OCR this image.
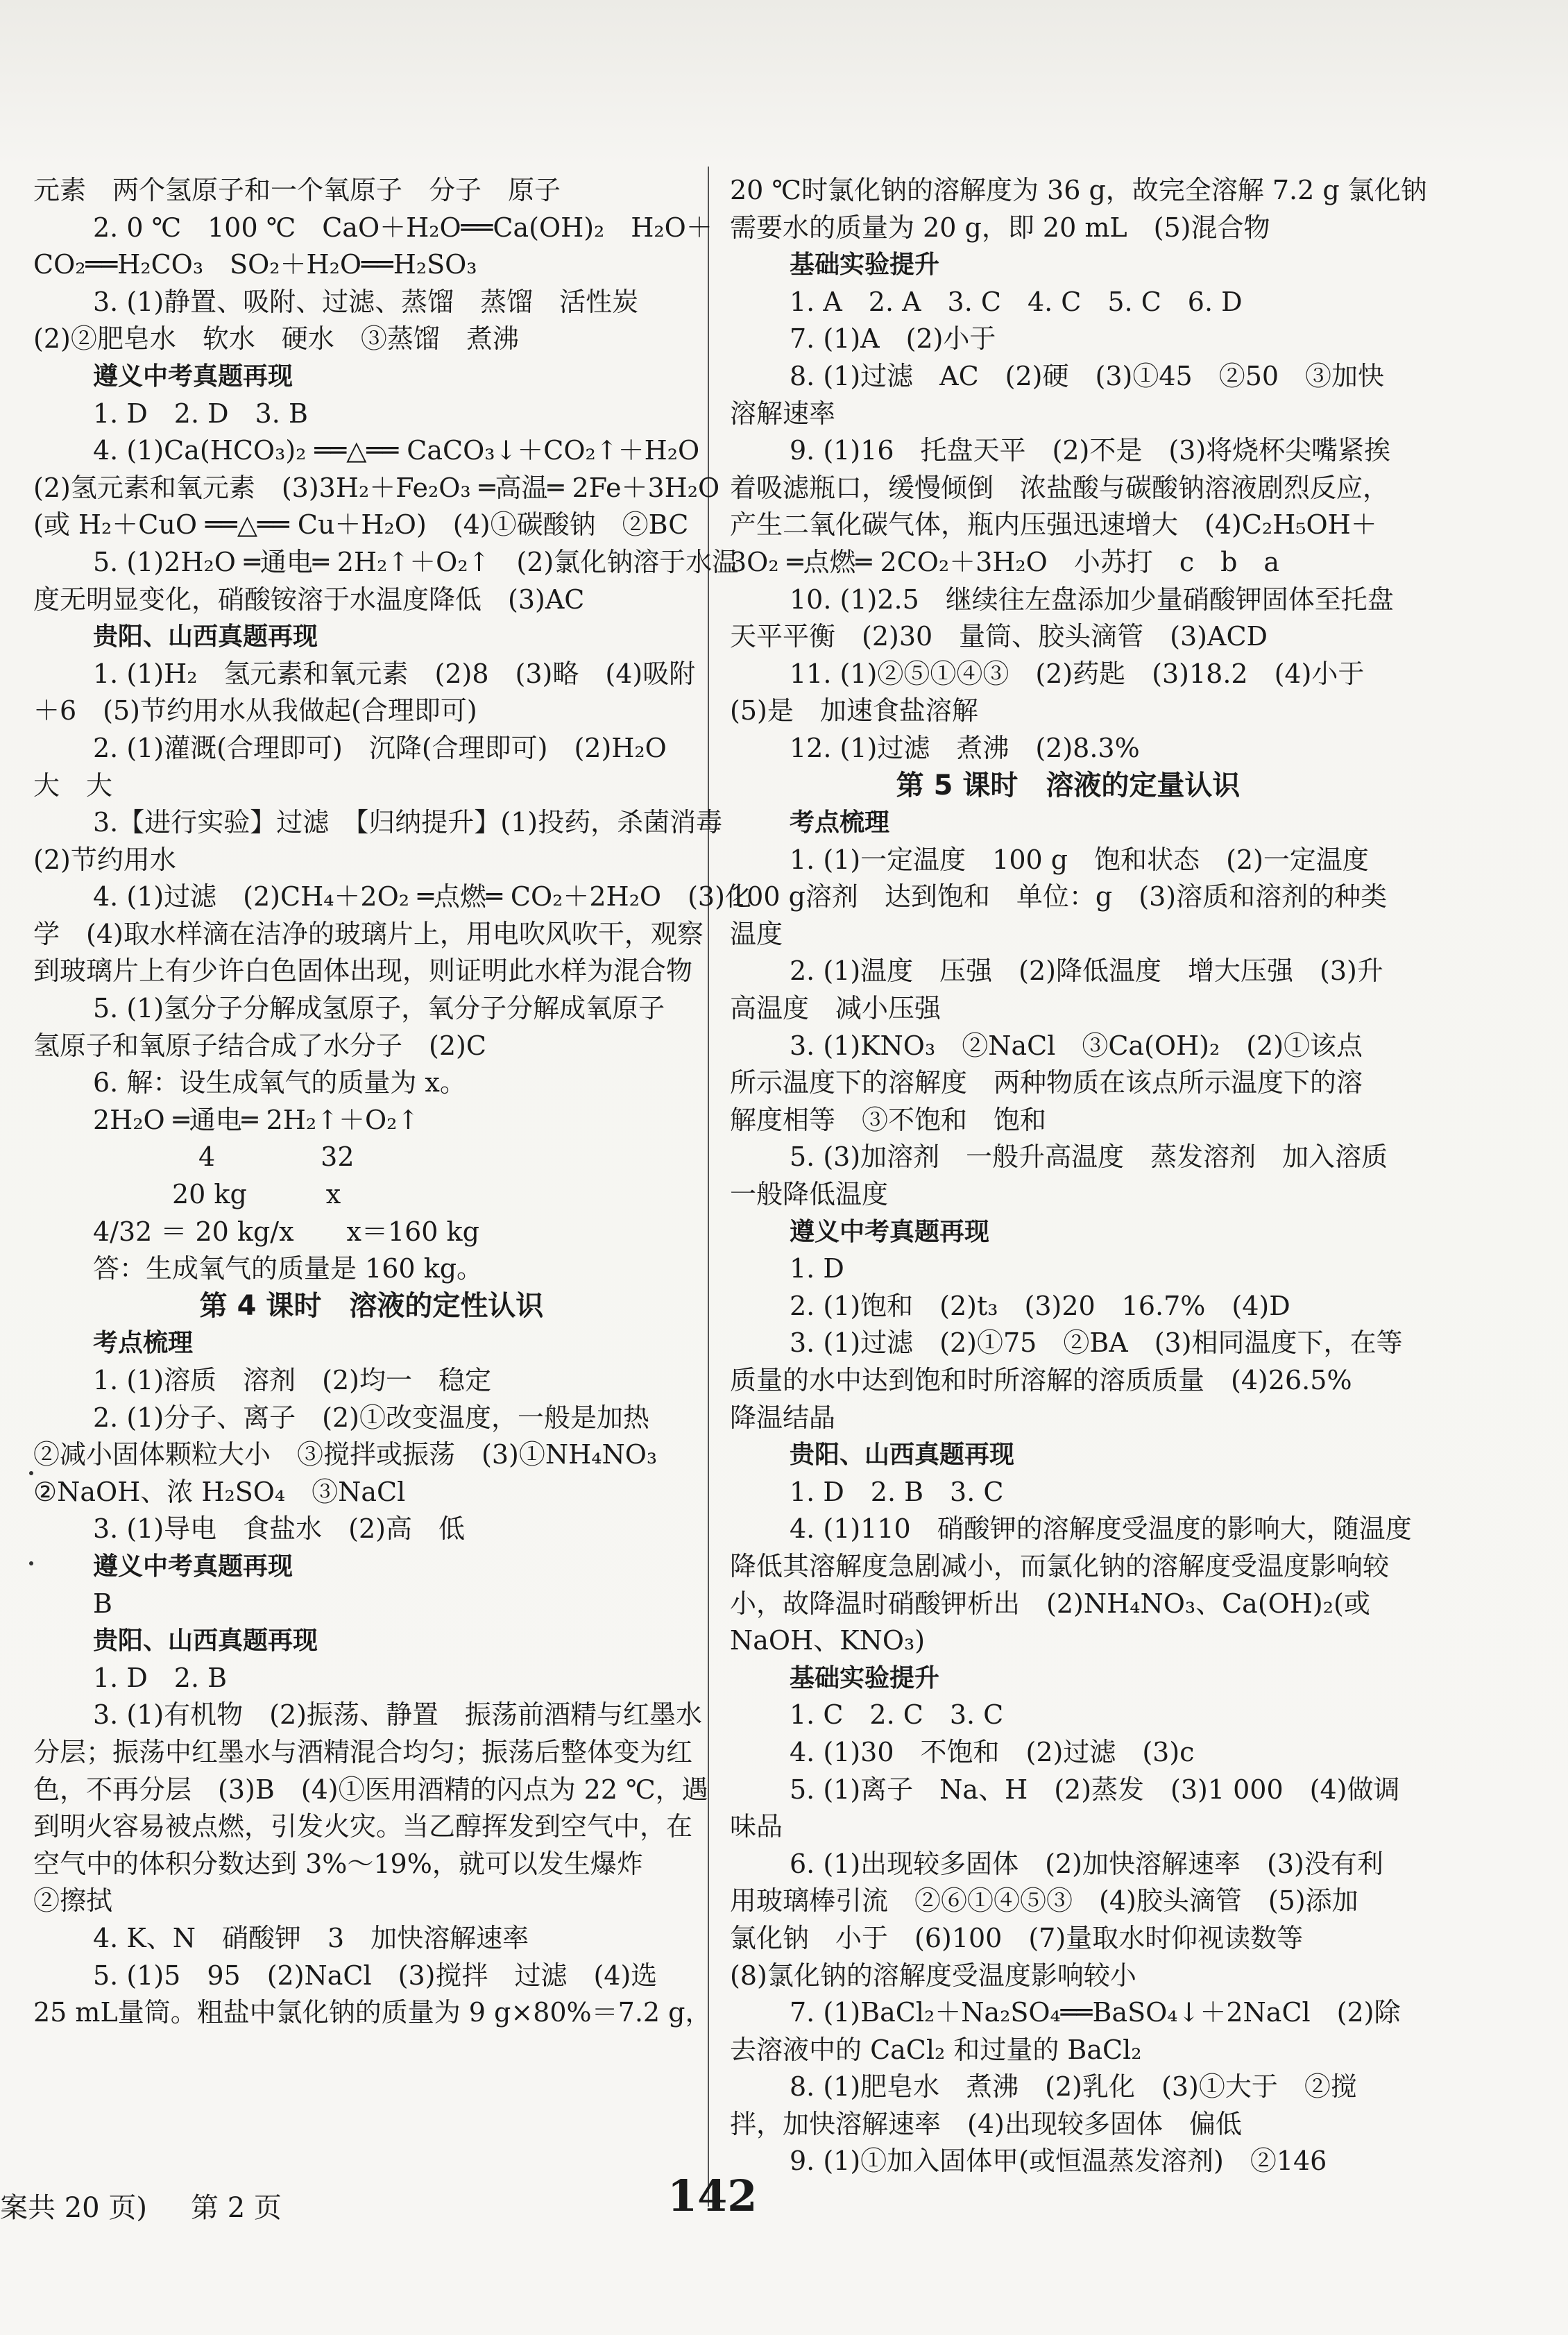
元素　两个氢原子和一个氧原子　分子　原子
2. 0 ℃　100 ℃　CaO＋H₂O══Ca(OH)₂　H₂O＋
CO₂══H₂CO₃　SO₂＋H₂O══H₂SO₃
3. (1)静置、吸附、过滤、蒸馏　蒸馏　活性炭
(2)②肥皂水　软水　硬水　③蒸馏　煮沸
遵义中考真题再现
1. D　2. D　3. B
4. (1)Ca(HCO₃)₂ ══△══ CaCO₃↓＋CO₂↑＋H₂O
(2)氢元素和氧元素　(3)3H₂＋Fe₂O₃ ═高温═ 2Fe＋3H₂O
(或 H₂＋CuO ══△══ Cu＋H₂O)　(4)①碳酸钠　②BC
5. (1)2H₂O ═通电═ 2H₂↑＋O₂↑　(2)氯化钠溶于水温
度无明显变化，硝酸铵溶于水温度降低　(3)AC
贵阳、山西真题再现
1. (1)H₂　氢元素和氧元素　(2)8　(3)略　(4)吸附
＋6　(5)节约用水从我做起(合理即可)
2. (1)灌溉(合理即可)　沉降(合理即可)　(2)H₂O
大　大
3.【进行实验】过滤　【归纳提升】(1)投药，杀菌消毒
(2)节约用水
4. (1)过滤　(2)CH₄＋2O₂ ═点燃═ CO₂＋2H₂O　(3)化
学　(4)取水样滴在洁净的玻璃片上，用电吹风吹干，观察
到玻璃片上有少许白色固体出现，则证明此水样为混合物
5. (1)氢分子分解成氢原子，氧分子分解成氧原子
氢原子和氧原子结合成了水分子　(2)C
6. 解：设生成氧气的质量为 x。
2H₂O ═通电═ 2H₂↑＋O₂↑
　　　　4　　　　32
　　　20 kg　　　x
4/32 ＝ 20 kg/x　　x＝160 kg
答：生成氧气的质量是 160 kg。
第 4 课时　溶液的定性认识
考点梳理
1. (1)溶质　溶剂　(2)均一　稳定
2. (1)分子、离子　(2)①改变温度，一般是加热
②减小固体颗粒大小　③搅拌或振荡　(3)①NH₄NO₃
②NaOH、浓 H₂SO₄　③NaCl
3. (1)导电　食盐水　(2)高　低
遵义中考真题再现
B
贵阳、山西真题再现
1. D　2. B
3. (1)有机物　(2)振荡、静置　振荡前酒精与红墨水
分层；振荡中红墨水与酒精混合均匀；振荡后整体变为红
色，不再分层　(3)B　(4)①医用酒精的闪点为 22 ℃，遇
到明火容易被点燃，引发火灾。当乙醇挥发到空气中，在
空气中的体积分数达到 3%～19%，就可以发生爆炸
②擦拭
4. K、N　硝酸钾　3　加快溶解速率
5. (1)5　95　(2)NaCl　(3)搅拌　过滤　(4)选
25 mL量筒。粗盐中氯化钠的质量为 9 g×80%＝7.2 g，
20 ℃时氯化钠的溶解度为 36 g，故完全溶解 7.2 g 氯化钠
需要水的质量为 20 g，即 20 mL　(5)混合物
基础实验提升
1. A　2. A　3. C　4. C　5. C　6. D
7. (1)A　(2)小于
8. (1)过滤　AC　(2)硬　(3)①45　②50　③加快
溶解速率
9. (1)16　托盘天平　(2)不是　(3)将烧杯尖嘴紧挨
着吸滤瓶口，缓慢倾倒　浓盐酸与碳酸钠溶液剧烈反应，
产生二氧化碳气体，瓶内压强迅速增大　(4)C₂H₅OH＋
3O₂ ═点燃═ 2CO₂＋3H₂O　小苏打　c　b　a
10. (1)2.5　继续往左盘添加少量硝酸钾固体至托盘
天平平衡　(2)30　量筒、胶头滴管　(3)ACD
11. (1)②⑤①④③　(2)药匙　(3)18.2　(4)小于
(5)是　加速食盐溶解
12. (1)过滤　煮沸　(2)8.3%
第 5 课时　溶液的定量认识
考点梳理
1. (1)一定温度　100 g　饱和状态　(2)一定温度
100 g溶剂　达到饱和　单位：g　(3)溶质和溶剂的种类
温度
2. (1)温度　压强　(2)降低温度　增大压强　(3)升
高温度　减小压强
3. (1)KNO₃　②NaCl　③Ca(OH)₂　(2)①该点
所示温度下的溶解度　两种物质在该点所示温度下的溶
解度相等　③不饱和　饱和
5. (3)加溶剂　一般升高温度　蒸发溶剂　加入溶质
一般降低温度
遵义中考真题再现
1. D
2. (1)饱和　(2)t₃　(3)20　16.7%　(4)D
3. (1)过滤　(2)①75　②BA　(3)相同温度下，在等
质量的水中达到饱和时所溶解的溶质质量　(4)26.5%
降温结晶
贵阳、山西真题再现
1. D　2. B　3. C
4. (1)110　硝酸钾的溶解度受温度的影响大，随温度
降低其溶解度急剧减小，而氯化钠的溶解度受温度影响较
小，故降温时硝酸钾析出　(2)NH₄NO₃、Ca(OH)₂(或
NaOH、KNO₃)
基础实验提升
1. C　2. C　3. C
4. (1)30　不饱和　(2)过滤　(3)c
5. (1)离子　Na、H　(2)蒸发　(3)1 000　(4)做调
味品
6. (1)出现较多固体　(2)加快溶解速率　(3)没有利
用玻璃棒引流　②⑥①④⑤③　(4)胶头滴管　(5)添加
氯化钠　小于　(6)100　(7)量取水时仰视读数等
(8)氯化钠的溶解度受温度影响较小
7. (1)BaCl₂＋Na₂SO₄══BaSO₄↓＋2NaCl　(2)除
去溶液中的 CaCl₂ 和过量的 BaCl₂
8. (1)肥皂水　煮沸　(2)乳化　(3)①大于　②搅
拌，加快溶解速率　(4)出现较多固体　偏低
9. (1)①加入固体甲(或恒温蒸发溶剂)　②146
案共 20 页) 第 2 页	142
